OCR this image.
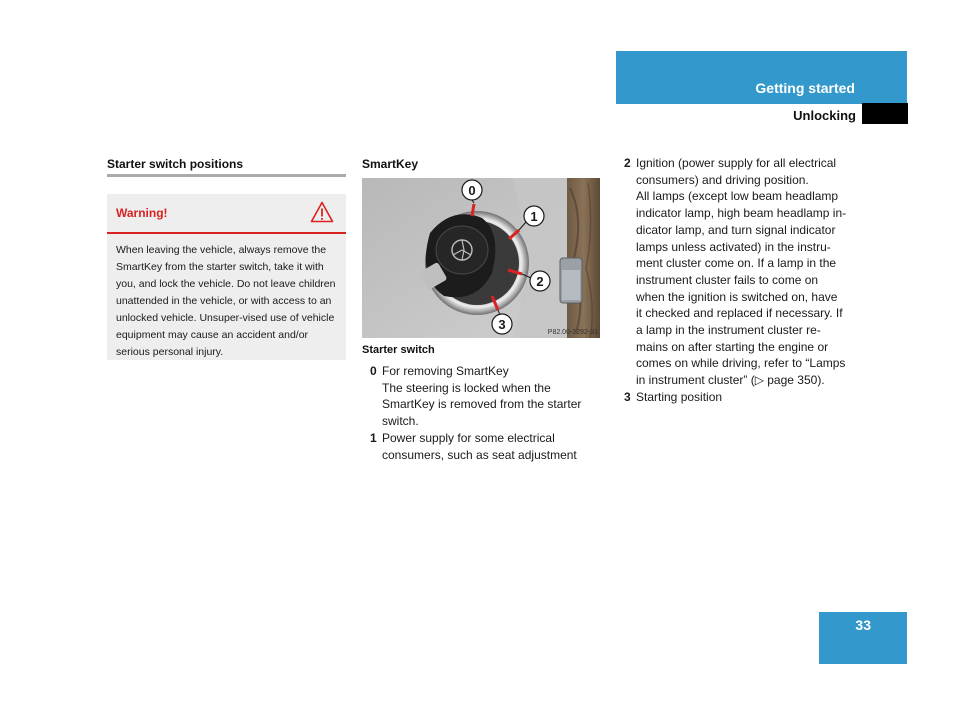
Getting started
Unlocking
Starter switch positions
Warning!
When leaving the vehicle, always remove the SmartKey from the starter switch, take it with you, and lock the vehicle. Do not leave children unattended in the vehicle, or with access to an unlocked vehicle. Unsuper-vised use of vehicle equipment may cause an accident and/or serious personal injury.
SmartKey
0
1
2
3
P82.00-2292-31
Starter switch
0 For removing SmartKey
The steering is locked when the
SmartKey is removed from the starter
switch.
1 Power supply for some electrical
consumers, such as seat adjustment
2 Ignition (power supply for all electrical
consumers) and driving position.
All lamps (except low beam headlamp
indicator lamp, high beam headlamp in-
dicator lamp, and turn signal indicator
lamps unless activated) in the instru-
ment cluster come on. If a lamp in the
instrument cluster fails to come on
when the ignition is switched on, have
it checked and replaced if necessary. If
a lamp in the instrument cluster re-
mains on after starting the engine or
comes on while driving, refer to “Lamps
in instrument cluster” (▷ page 350).
3 Starting position
33
